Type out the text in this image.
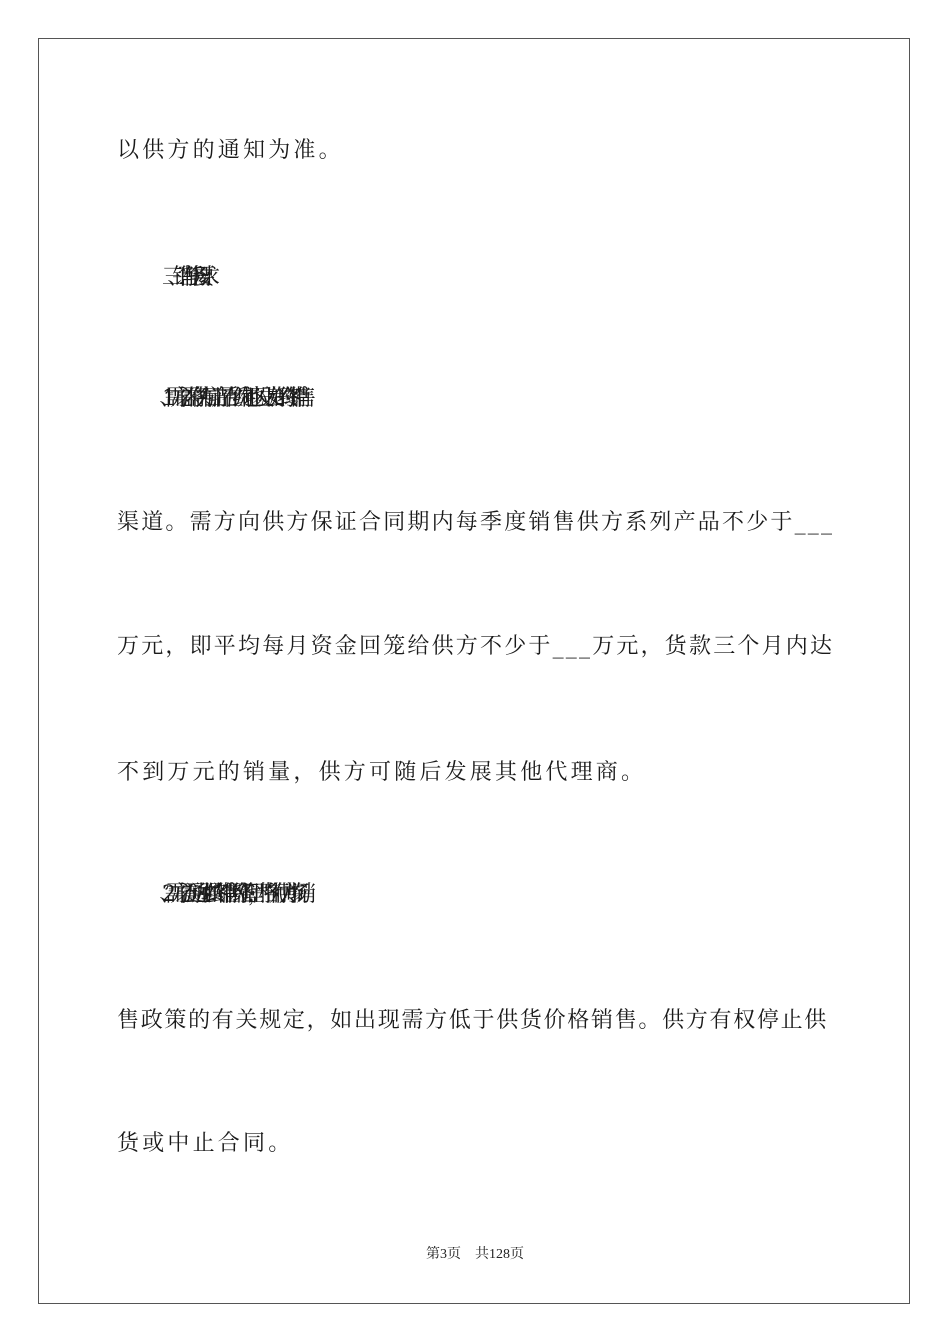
以供方的通知为准。
三、销售任务要求：
1、需方必需将供方目前产品在所约定地区设立良好的终端销售
渠道。需方向供方保证合同期内每季度销售供方系列产品不少于___
万元，即平均每月资金回笼给供方不少于___万元，货款三个月内达
不到万元的销量，供方可随后发展其他代理商。
2、需方必需通过加强终端销售网络管理，严格执行供方市场销
售政策的有关规定，如出现需方低于供货价格销售。供方有权停止供
货或中止合同。
第3页 共128页
